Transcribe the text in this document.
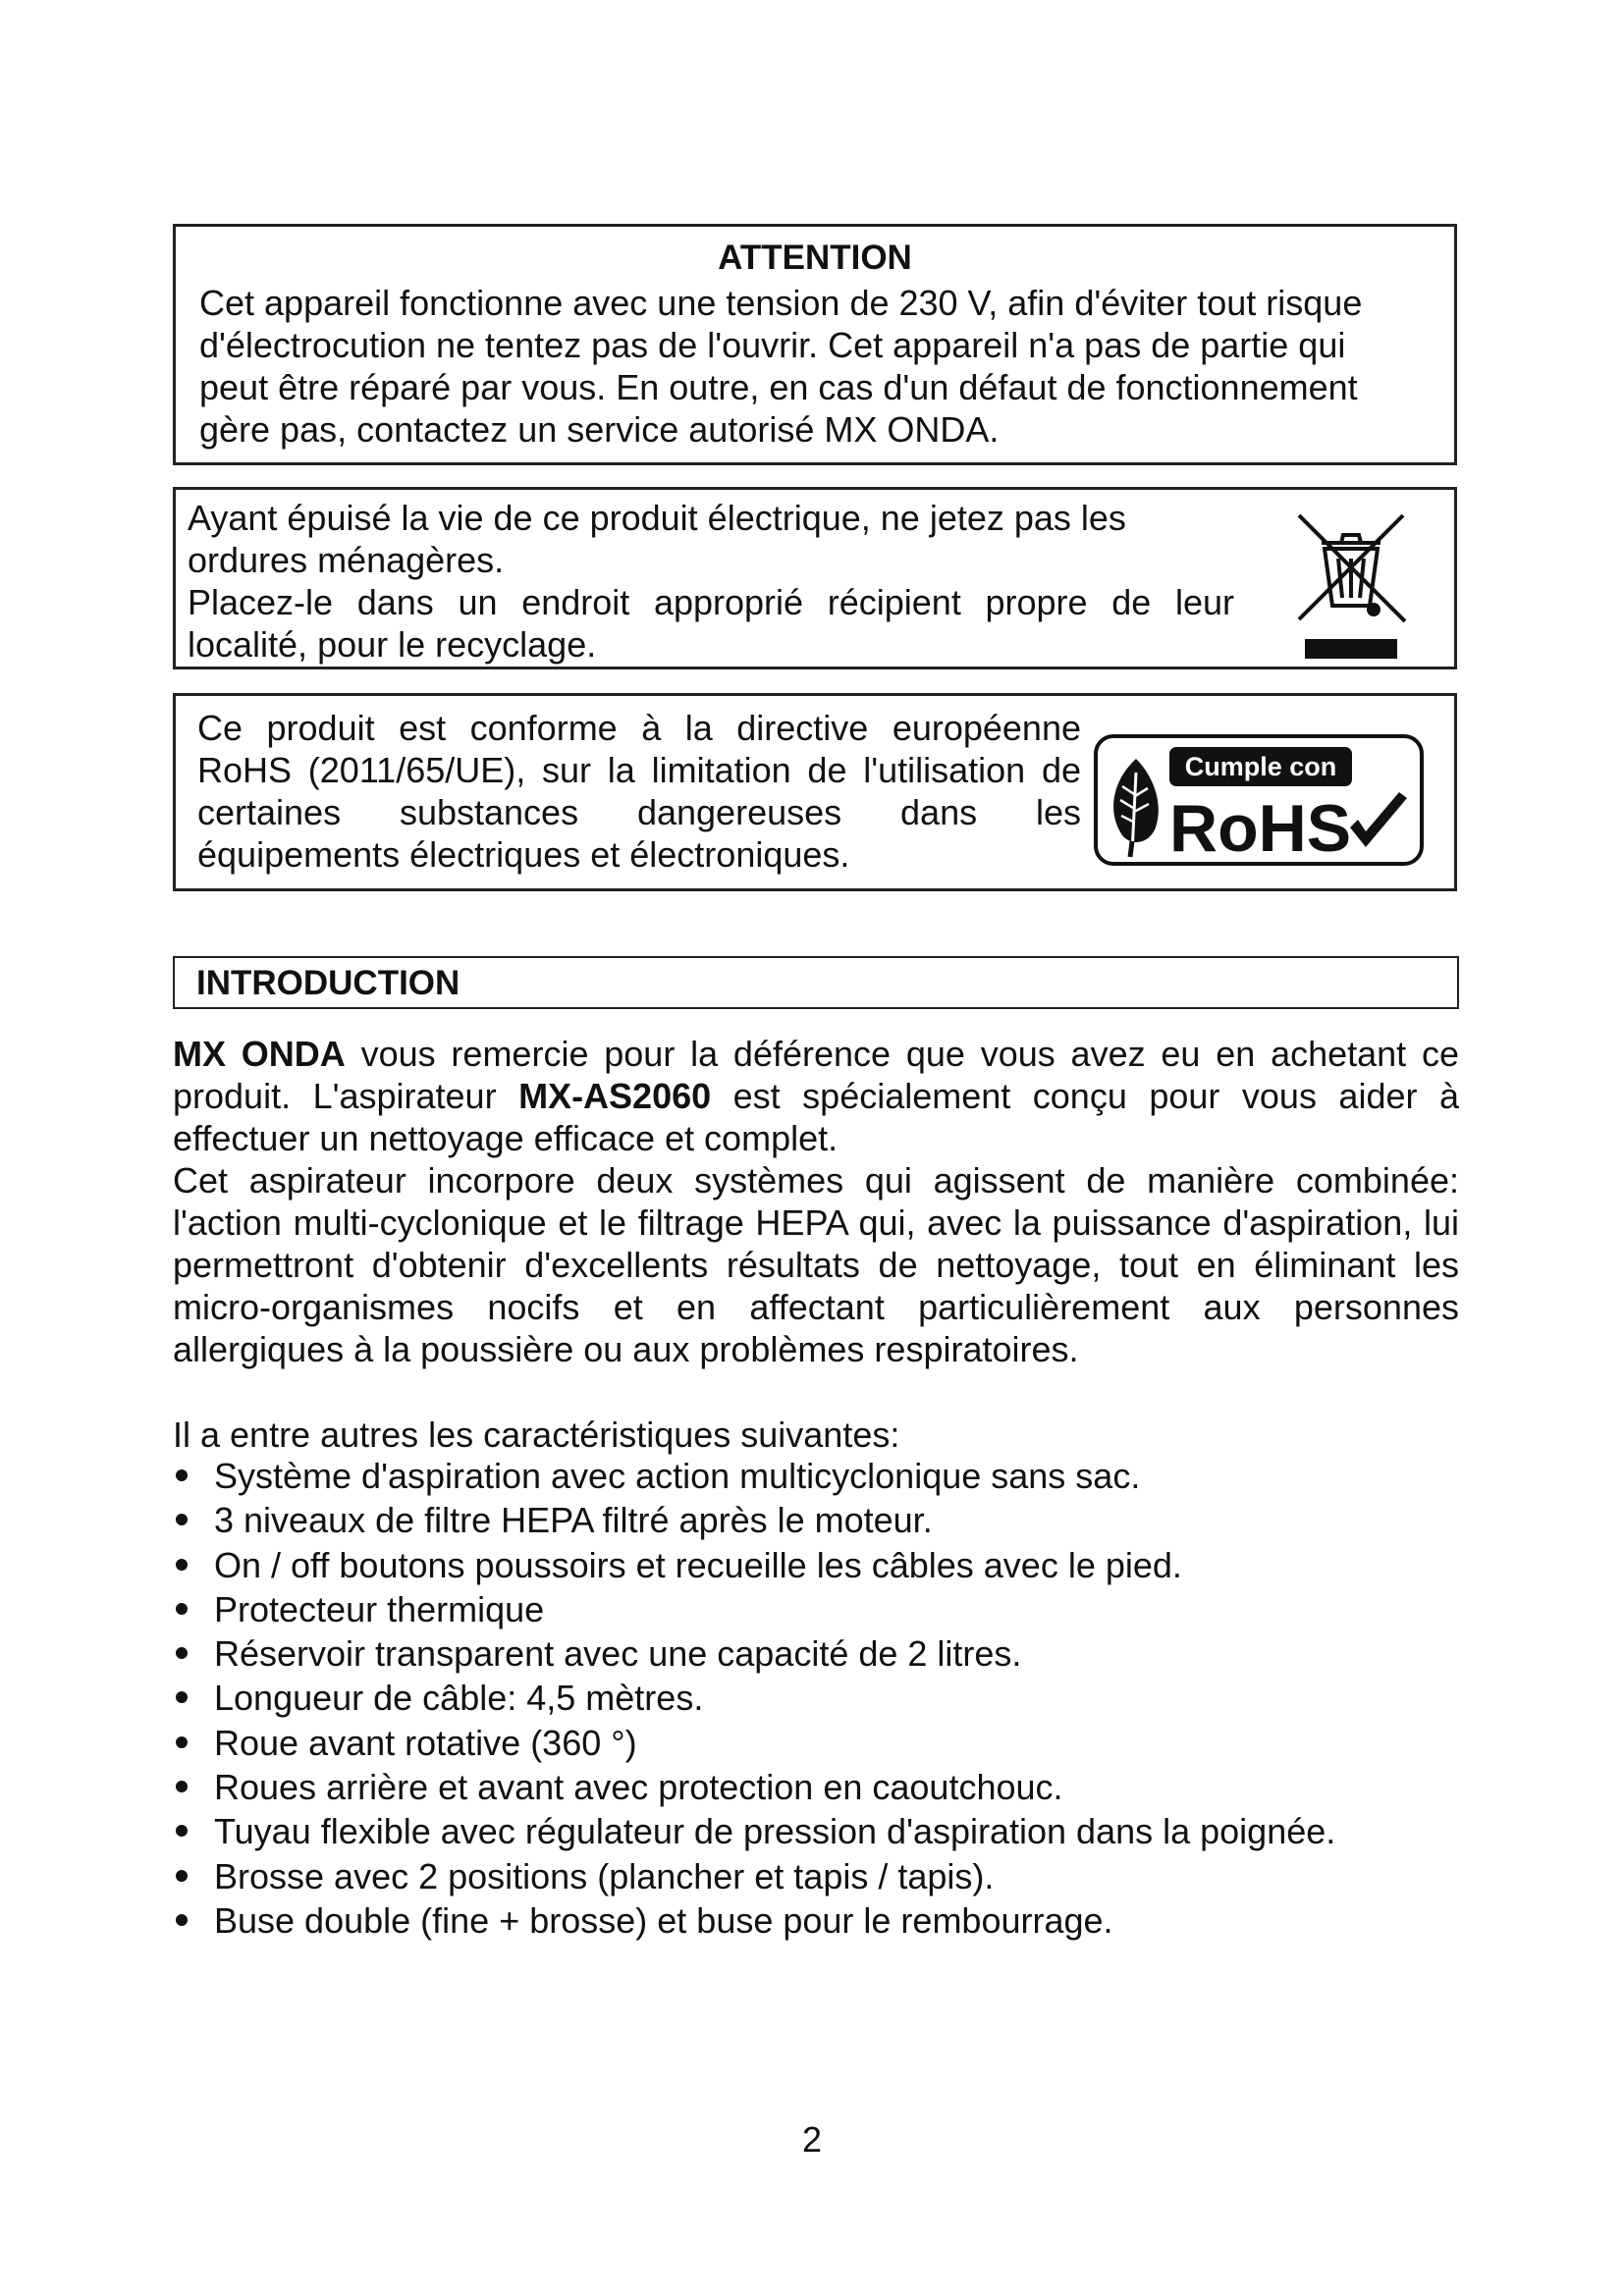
ATTENTION
Cet appareil fonctionne avec une tension de 230 V, afin d'éviter tout risque
d'électrocution ne tentez pas de l'ouvrir. Cet appareil n'a pas de partie qui
peut être réparé par vous. En outre, en cas d'un défaut de fonctionnement
gère pas, contactez un service autorisé MX ONDA.
Ayant épuisé la vie de ce produit électrique, ne jetez pas les ordures ménagères.
Placez-le dans un endroit approprié récipient propre de leur localité, pour le recyclage.
Ce produit est conforme à la directive européenne RoHS (2011/65/UE), sur la limitation de l'utilisation de certaines substances dangereuses dans les équipements électriques et électroniques.
Cumple con
RoHS
INTRODUCTION

MX ONDA vous remercie pour la déférence que vous avez eu en achetant ce produit. L'aspirateur MX-AS2060 est spécialement conçu pour vous aider à effectuer un nettoyage efficace et complet.

Cet aspirateur incorpore deux systèmes qui agissent de manière combinée: l'action multi-cyclonique et le filtrage HEPA qui, avec la puissance d'aspiration, lui permettront d'obtenir d'excellents résultats de nettoyage, tout en éliminant les micro-organismes nocifs et en affectant particulièrement aux personnes allergiques à la poussière ou aux problèmes respiratoires.

Il a entre autres les caractéristiques suivantes:
Système d'aspiration avec action multicyclonique sans sac.
3 niveaux de filtre HEPA filtré après le moteur.
On / off boutons poussoirs et recueille les câbles avec le pied.
Protecteur thermique
Réservoir transparent avec une capacité de 2 litres.
Longueur de câble: 4,5 mètres.
Roue avant rotative (360 °)
Roues arrière et avant avec protection en caoutchouc.
Tuyau flexible avec régulateur de pression d'aspiration dans la poignée.
Brosse avec 2 positions (plancher et tapis / tapis).
Buse double (fine + brosse) et buse pour le rembourrage.
2
